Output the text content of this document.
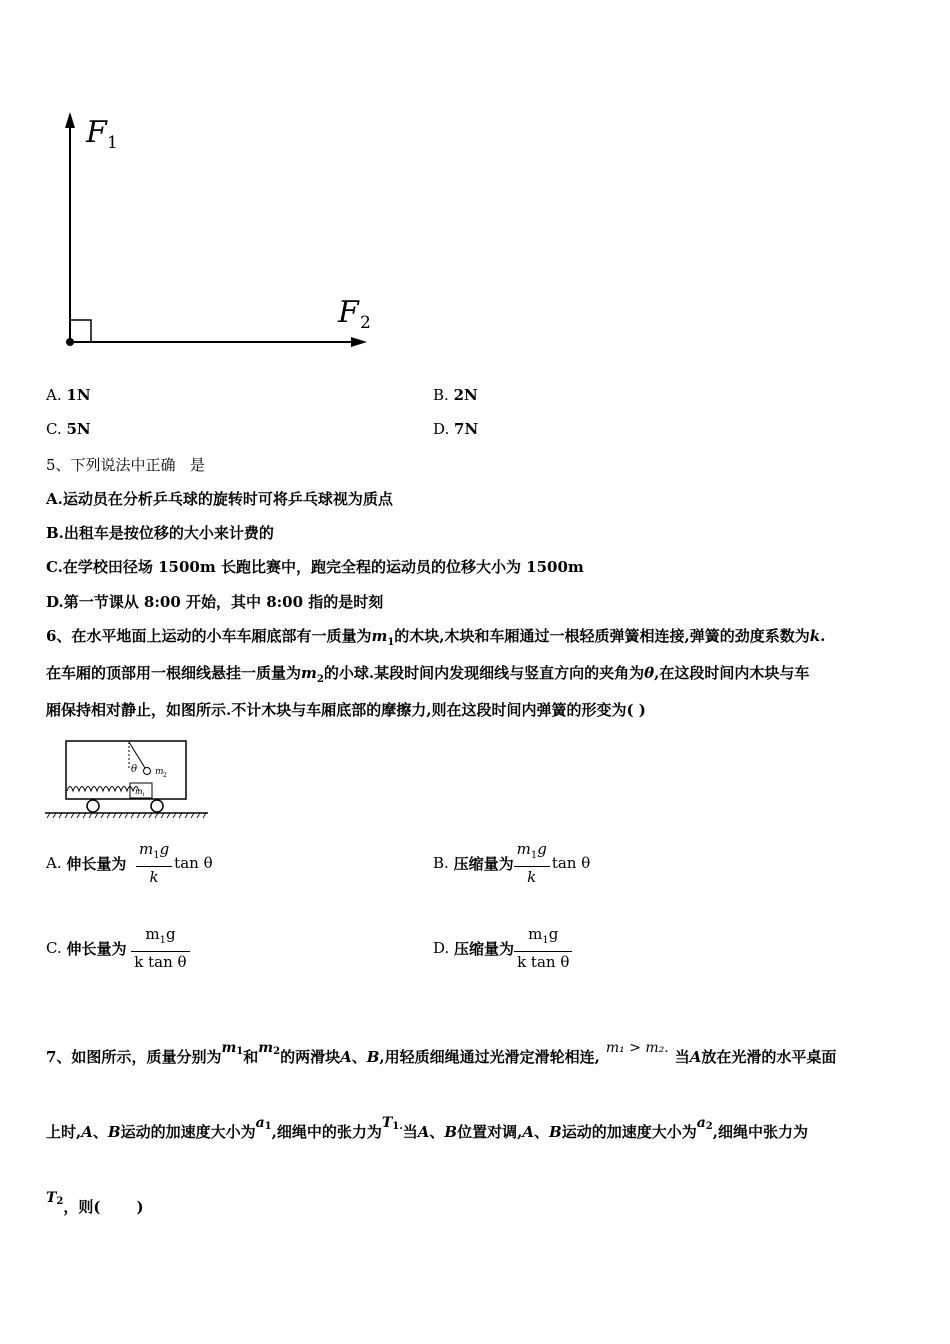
F 1
F 2
A. 1N	B. 2N
C. 5N	D. 7N
5、下列说法中正确   是
A.运动员在分析乒乓球的旋转时可将乒乓球视为质点
B.出租车是按位移的大小来计费的
C.在学校田径场 1500m 长跑比赛中，跑完全程的运动员的位移大小为 1500m
D.第一节课从 8:00 开始，其中 8:00 指的是时刻
6、在水平地面上运动的小车车厢底部有一质量为$m_1$的木块,木块和车厢通过一根轻质弹簧相连接,弹簧的劲度系数为k.
在车厢的顶部用一根细线悬挂一质量为$m_2$的小球.某段时间内发现细线与竖直方向的夹角为θ,在这段时间内木块与车
厢保持相对静止，如图所示.不计木块与车厢底部的摩擦力,则在这段时间内弹簧的形变为( )
θ m 2
m 1
A.
伸长量为
$\frac{m_1g}{k}$ tan θ	B.
压缩量为 $\frac{m_1g}{k}$ tan θ
C.
伸长量为
$\frac{m_1g}{\text{k tan θ}}$	D.
压缩量为 $\frac{m_1g}{\text{k tan θ}}$
7、如图所示，质量分别为$m_1$和$m_2$的两滑块A、B,用轻质细绳通过光滑定滑轮相连, m₁ > m₂. 当A放在光滑的水平桌面
上时,A、B运动的加速度大小为$a_1$,细绳中的张力为$T_{1.}$当A、B位置对调,A、B运动的加速度大小为$a_2$,细绳中张力为
$T_2$，则( )
